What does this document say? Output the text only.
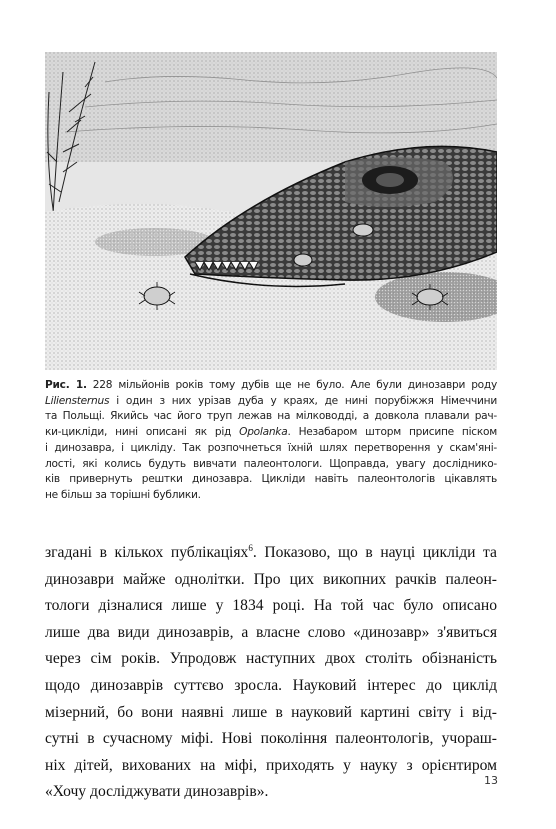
Рис. 1. 228 мільйонів років тому дубів ще не було. Але були динозаври роду
Liliensternus і один з них урізав дуба у краях, де нині порубіжжя Німеччини
та Польщі. Якийсь час його труп лежав на мілководді, а довкола плавали рач-
ки-цикліди, нині описані як рід Opolanka. Незабаром шторм присипе піском
і динозавра, і цикліду. Так розпочнеться їхній шлях перетворення у скам'яні-
лості, які колись будуть вивчати палеонтологи. Щоправда, увагу досліднико-
ків привернуть рештки динозавра. Цикліди навіть палеонтологів цікавлять
не більш за торішні бублики.
згадані в кількох публікаціях$^6$. Показово, що в науці цикліди та
динозаври майже однолітки. Про цих викопних рачків палеон-
тологи дізналися лише у 1834 році. На той час було описано
лише два види динозаврів, а власне слово «динозавр» з'явиться
через сім років. Упродовж наступних двох століть обізнаність
щодо динозаврів суттєво зросла. Науковий інтерес до циклід
мізерний, бо вони наявні лише в науковий картині світу і від-
сутні в сучасному міфі. Нові покоління палеонтологів, учораш-
ніх дітей, вихованих на міфі, приходять у науку з орієнтиром
«Хочу досліджувати динозаврів».
13
